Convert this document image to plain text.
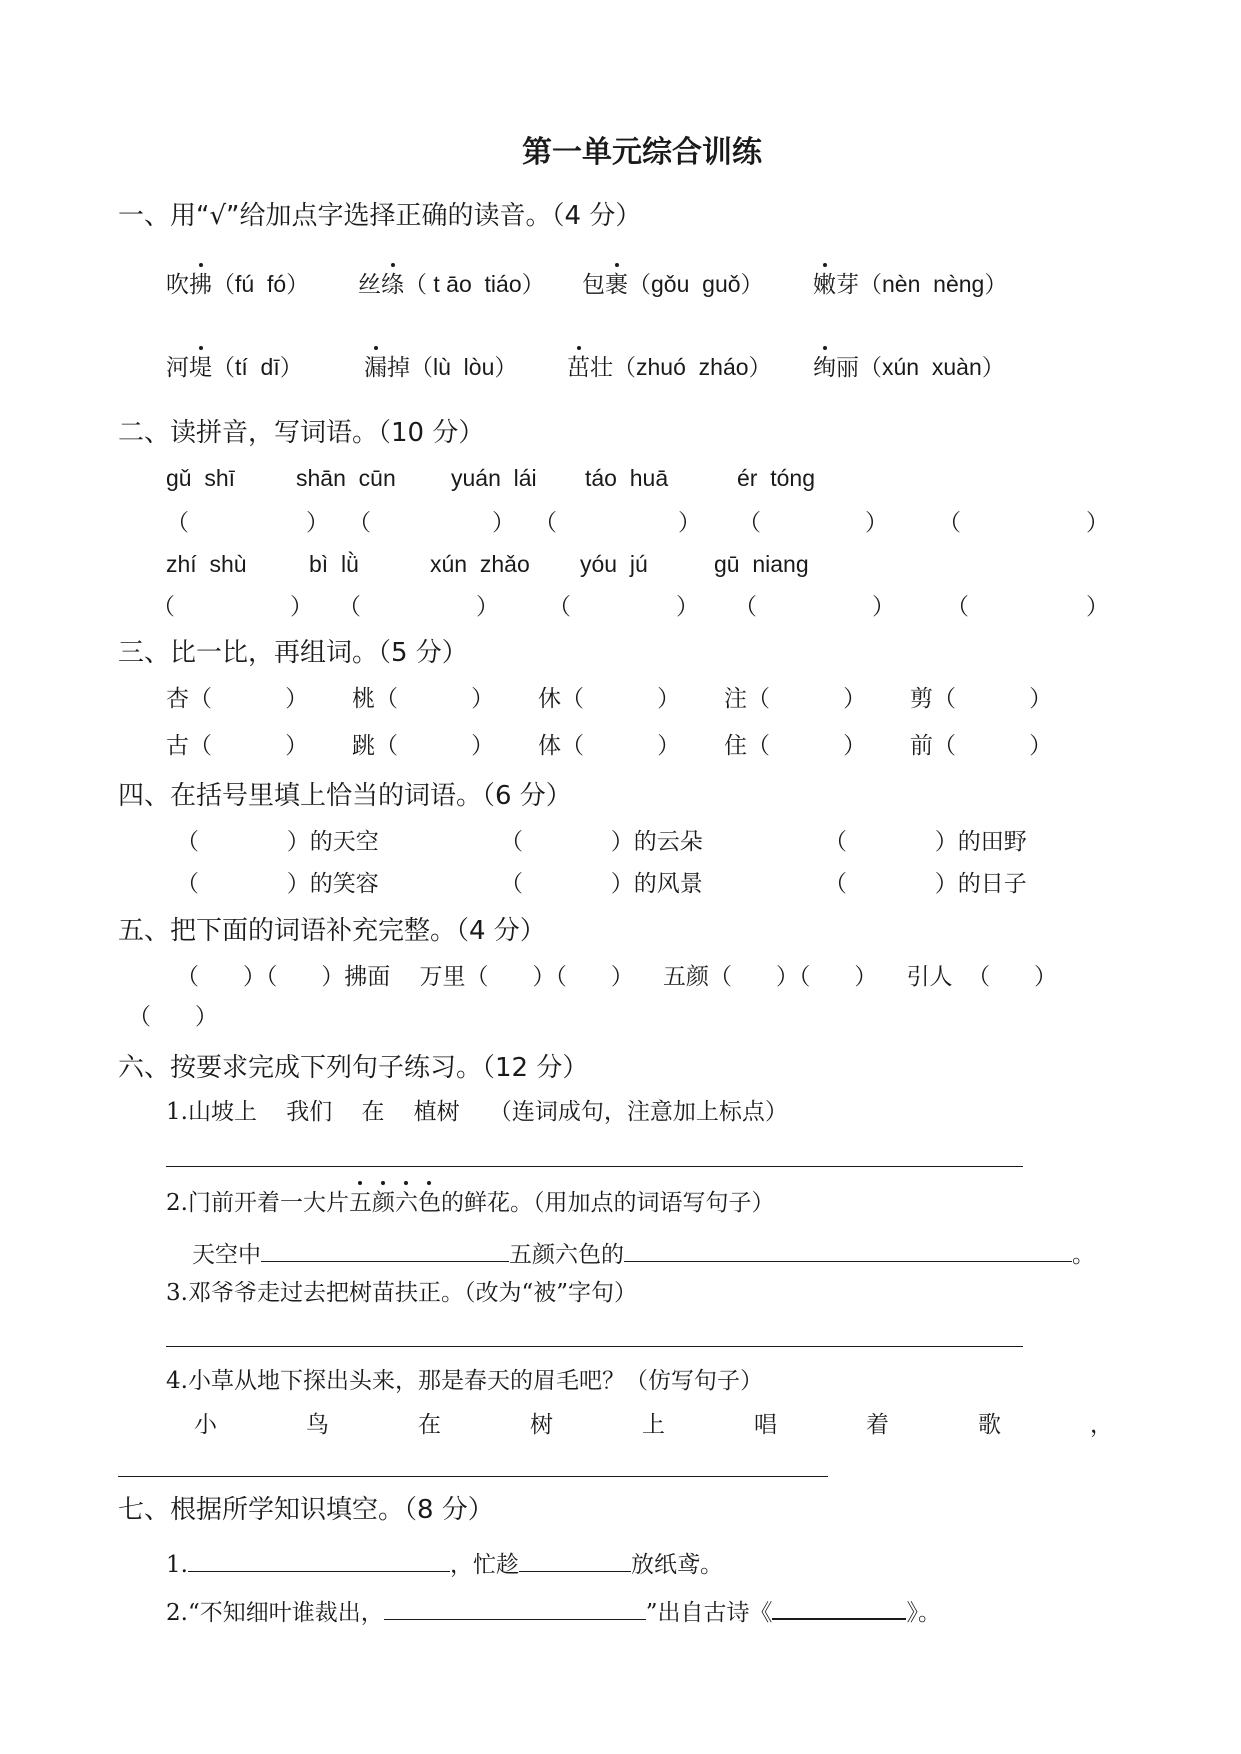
第一单元综合训练
一、用“√”给加点字选择正确的读音。（4 分）
吹拂（fú  fó） 丝绦（ t āo  tiáo） 包裹（gǒu  guǒ） 嫩芽（nèn  nèng）
河堤（tí  dī）	漏掉（lù  lòu） 茁壮（zhuó  zháo） 绚丽（xún  xuàn）
二、读拼音，写词语。（10 分）
gǔ  shī	shān  cūn yuán  lái táo  huā	ér  tóng
（	） （	） （	） （	） （	）
zhí  shù	bì  lǜ	xún  zhǎo yóu  jú	gū  niang
（	） （	） （	） （	） （	）
三、比一比，再组词。（5 分）
杏（          ） 桃（          ） 休（          ） 注（          ） 剪（          ）
古（          ） 跳（          ） 体（          ） 住（          ） 前（          ）
四、在括号里填上恰当的词语。（6 分）
（            ）的天空	（            ）的云朵	（            ）的田野
（            ）的笑容	（            ）的风景	（            ）的日子
五、把下面的词语补充完整。（4 分）
（      ）（      ）拂面 万里（      ）（      ）    五颜（      ）（      ）    引人  （      ）
（      ）
六、按要求完成下列句子练习。（12 分）
1.山坡上    我们    在    植树    （连词成句，注意加上标点）
2.门前开着一大片五颜六色的鲜花。（用加点的词语写句子）
天空中	五颜六色的	。
3.邓爷爷走过去把树苗扶正。（改为“被”字句）
4.小草从地下探出头来，那是春天的眉毛吧？（仿写句子）
小	鸟	在	树	上	唱	着	歌	，
七、根据所学知识填空。（8 分）
1.	，忙趁	放纸鸢。
2.“不知细叶谁裁出，	”出自古诗《	》。
